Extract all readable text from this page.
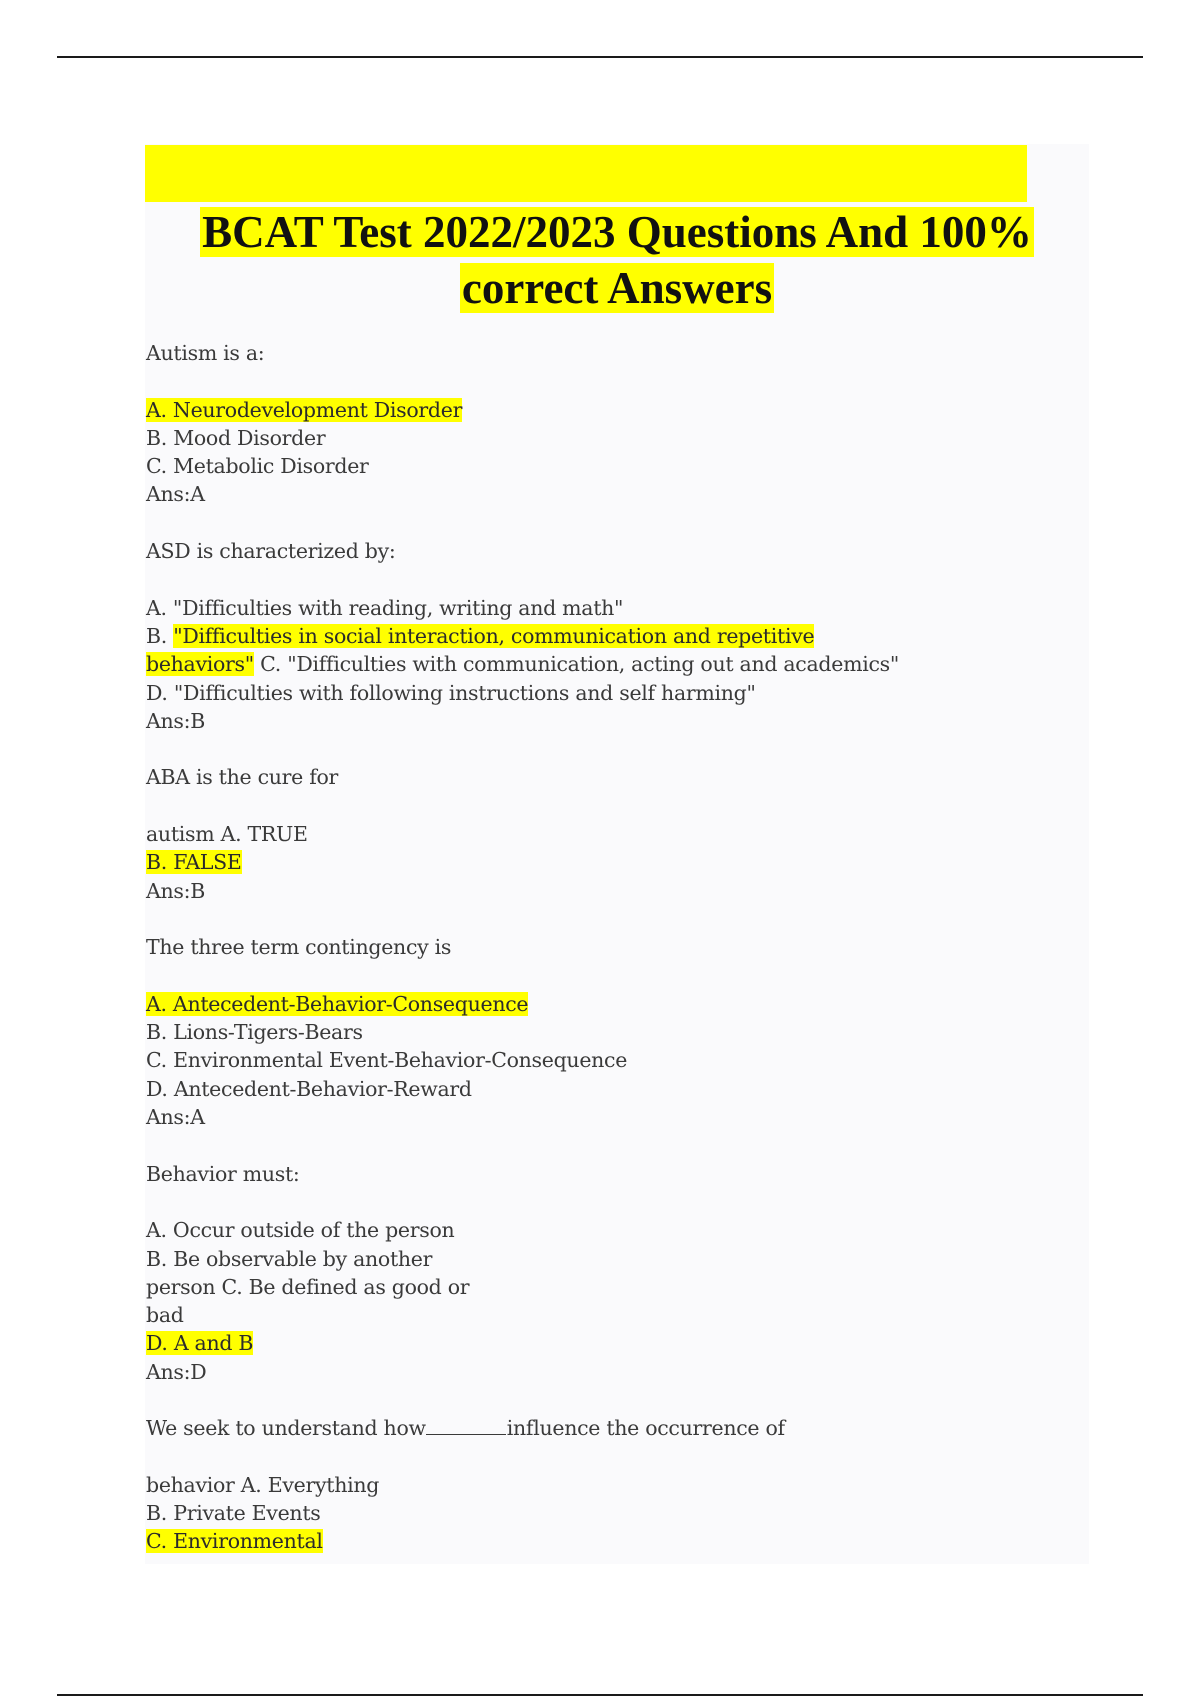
BCAT Test 2022/2023 Questions And 100%
correct Answers

Autism is a:

A. Neurodevelopment Disorder

B. Mood Disorder

C. Metabolic Disorder

Ans:A

ASD is characterized by:

A. "Difficulties with reading, writing and math"

B. "Difficulties in social interaction, communication and repetitive

behaviors" C. "Difficulties with communication, acting out and academics"

D. "Difficulties with following instructions and self harming"

Ans:B

ABA is the cure for

autism A. TRUE

B. FALSE

Ans:B

The three term contingency is

A. Antecedent-Behavior-Consequence

B. Lions-Tigers-Bears

C. Environmental Event-Behavior-Consequence

D. Antecedent-Behavior-Reward

Ans:A

Behavior must:

A. Occur outside of the person

B. Be observable by another

person C. Be defined as good or

bad

D. A and B

Ans:D

We seek to understand how	influence the occurrence of

behavior A. Everything

B. Private Events

C. Environmental
